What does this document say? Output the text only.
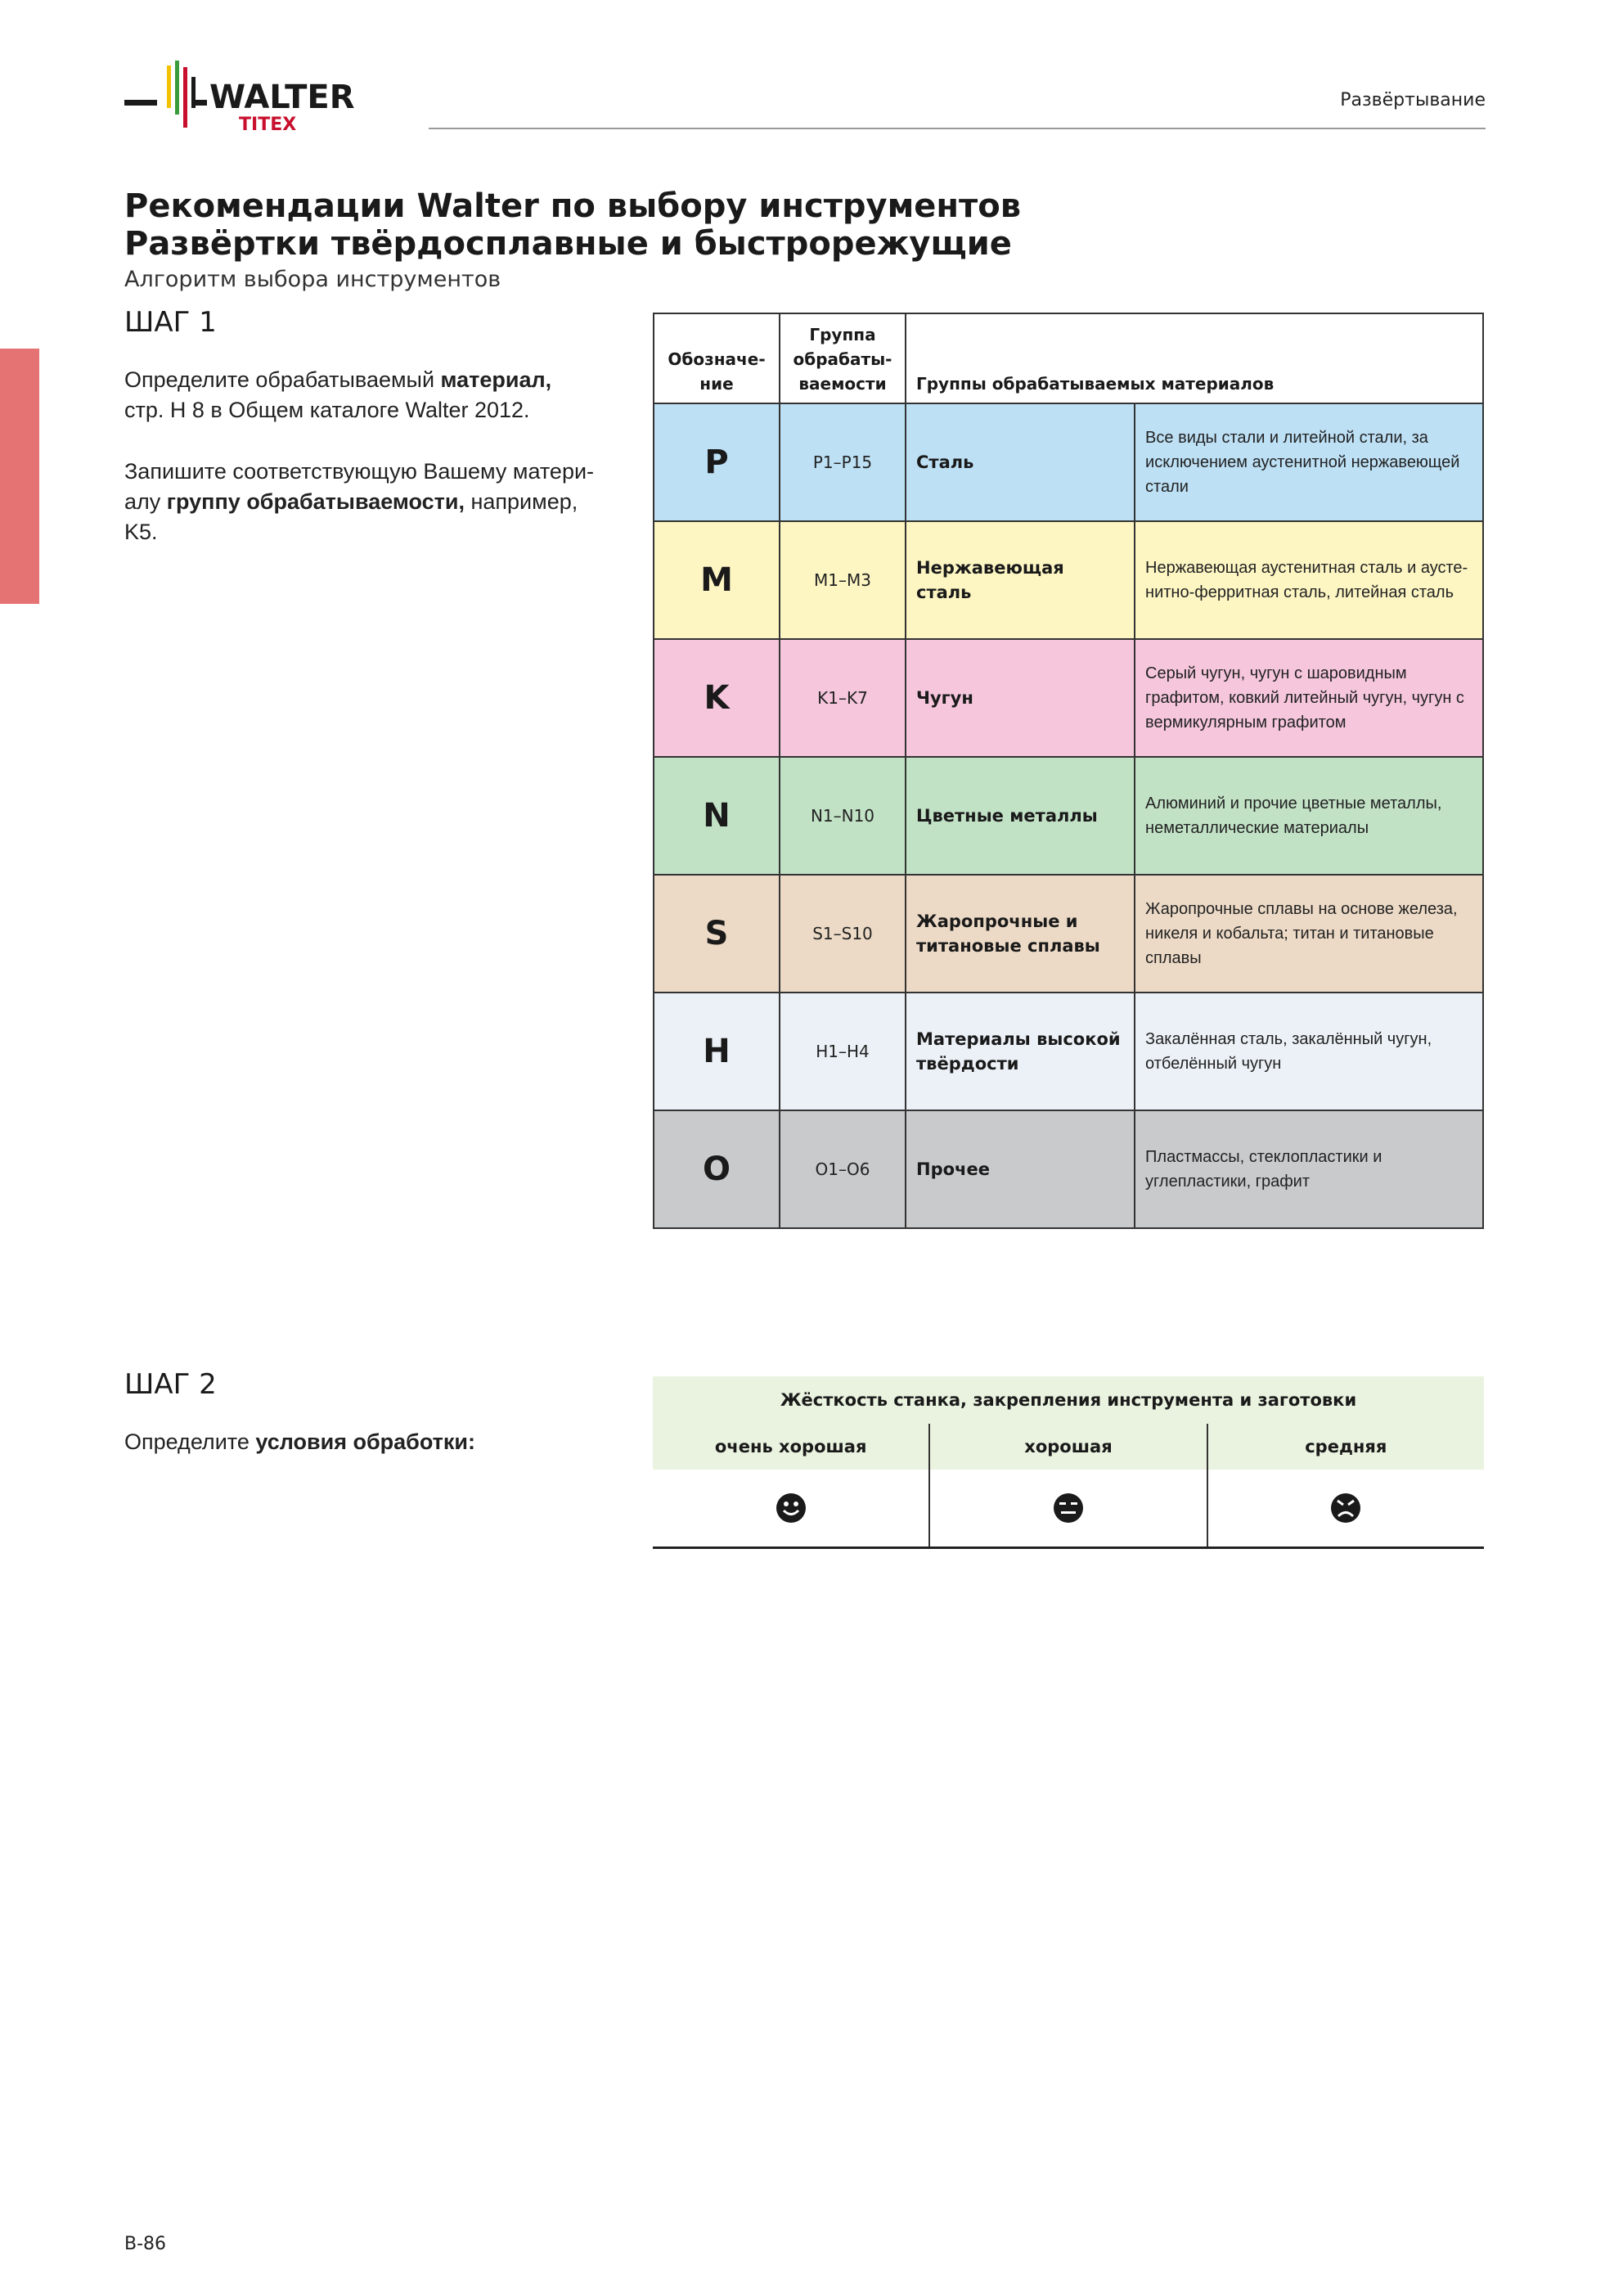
WALTER
TITEX
Развёртывание
Рекомендации Walter по выбору инструментов
Развёртки твёрдосплавные и быстрорежущие
Алгоритм выбора инструментов
ШАГ 1
Определите обрабатываемый материал,
стр. H 8 в Общем каталоге Walter 2012.
Запишите соответствующую Вашему матери-
алу группу обрабатываемости, например,
K5.
Обозначе-ние	Группа обрабаты-ваемости	Группы обрабатываемых материалов	
P	P1–P15	Сталь	Все виды стали и литейной стали, за исключением аустенитной нержавеющей стали
M	M1–M3	Нержавеющая сталь	Нержавеющая аустенитная сталь и аусте-нитно-ферритная сталь, литейная сталь
K	K1–K7	Чугун	Серый чугун, чугун с шаровидным графитом, ковкий литейный чугун, чугун с вермикулярным графитом
N	N1–N10	Цветные металлы	Алюминий и прочие цветные металлы, неметаллические материалы
S	S1–S10	Жаропрочные и титановые сплавы	Жаропрочные сплавы на основе железа, никеля и кобальта; титан и титановые сплавы
H	H1–H4	Материалы высокой твёрдости	Закалённая сталь, закалённый чугун, отбелённый чугун
O	O1–O6	Прочее	Пластмассы, стеклопластики и углепластики, графит
ШАГ 2
Определите условия обработки:
Жёсткость станка, закрепления инструмента и заготовки
очень хорошая	хорошая	средняя
B-86
